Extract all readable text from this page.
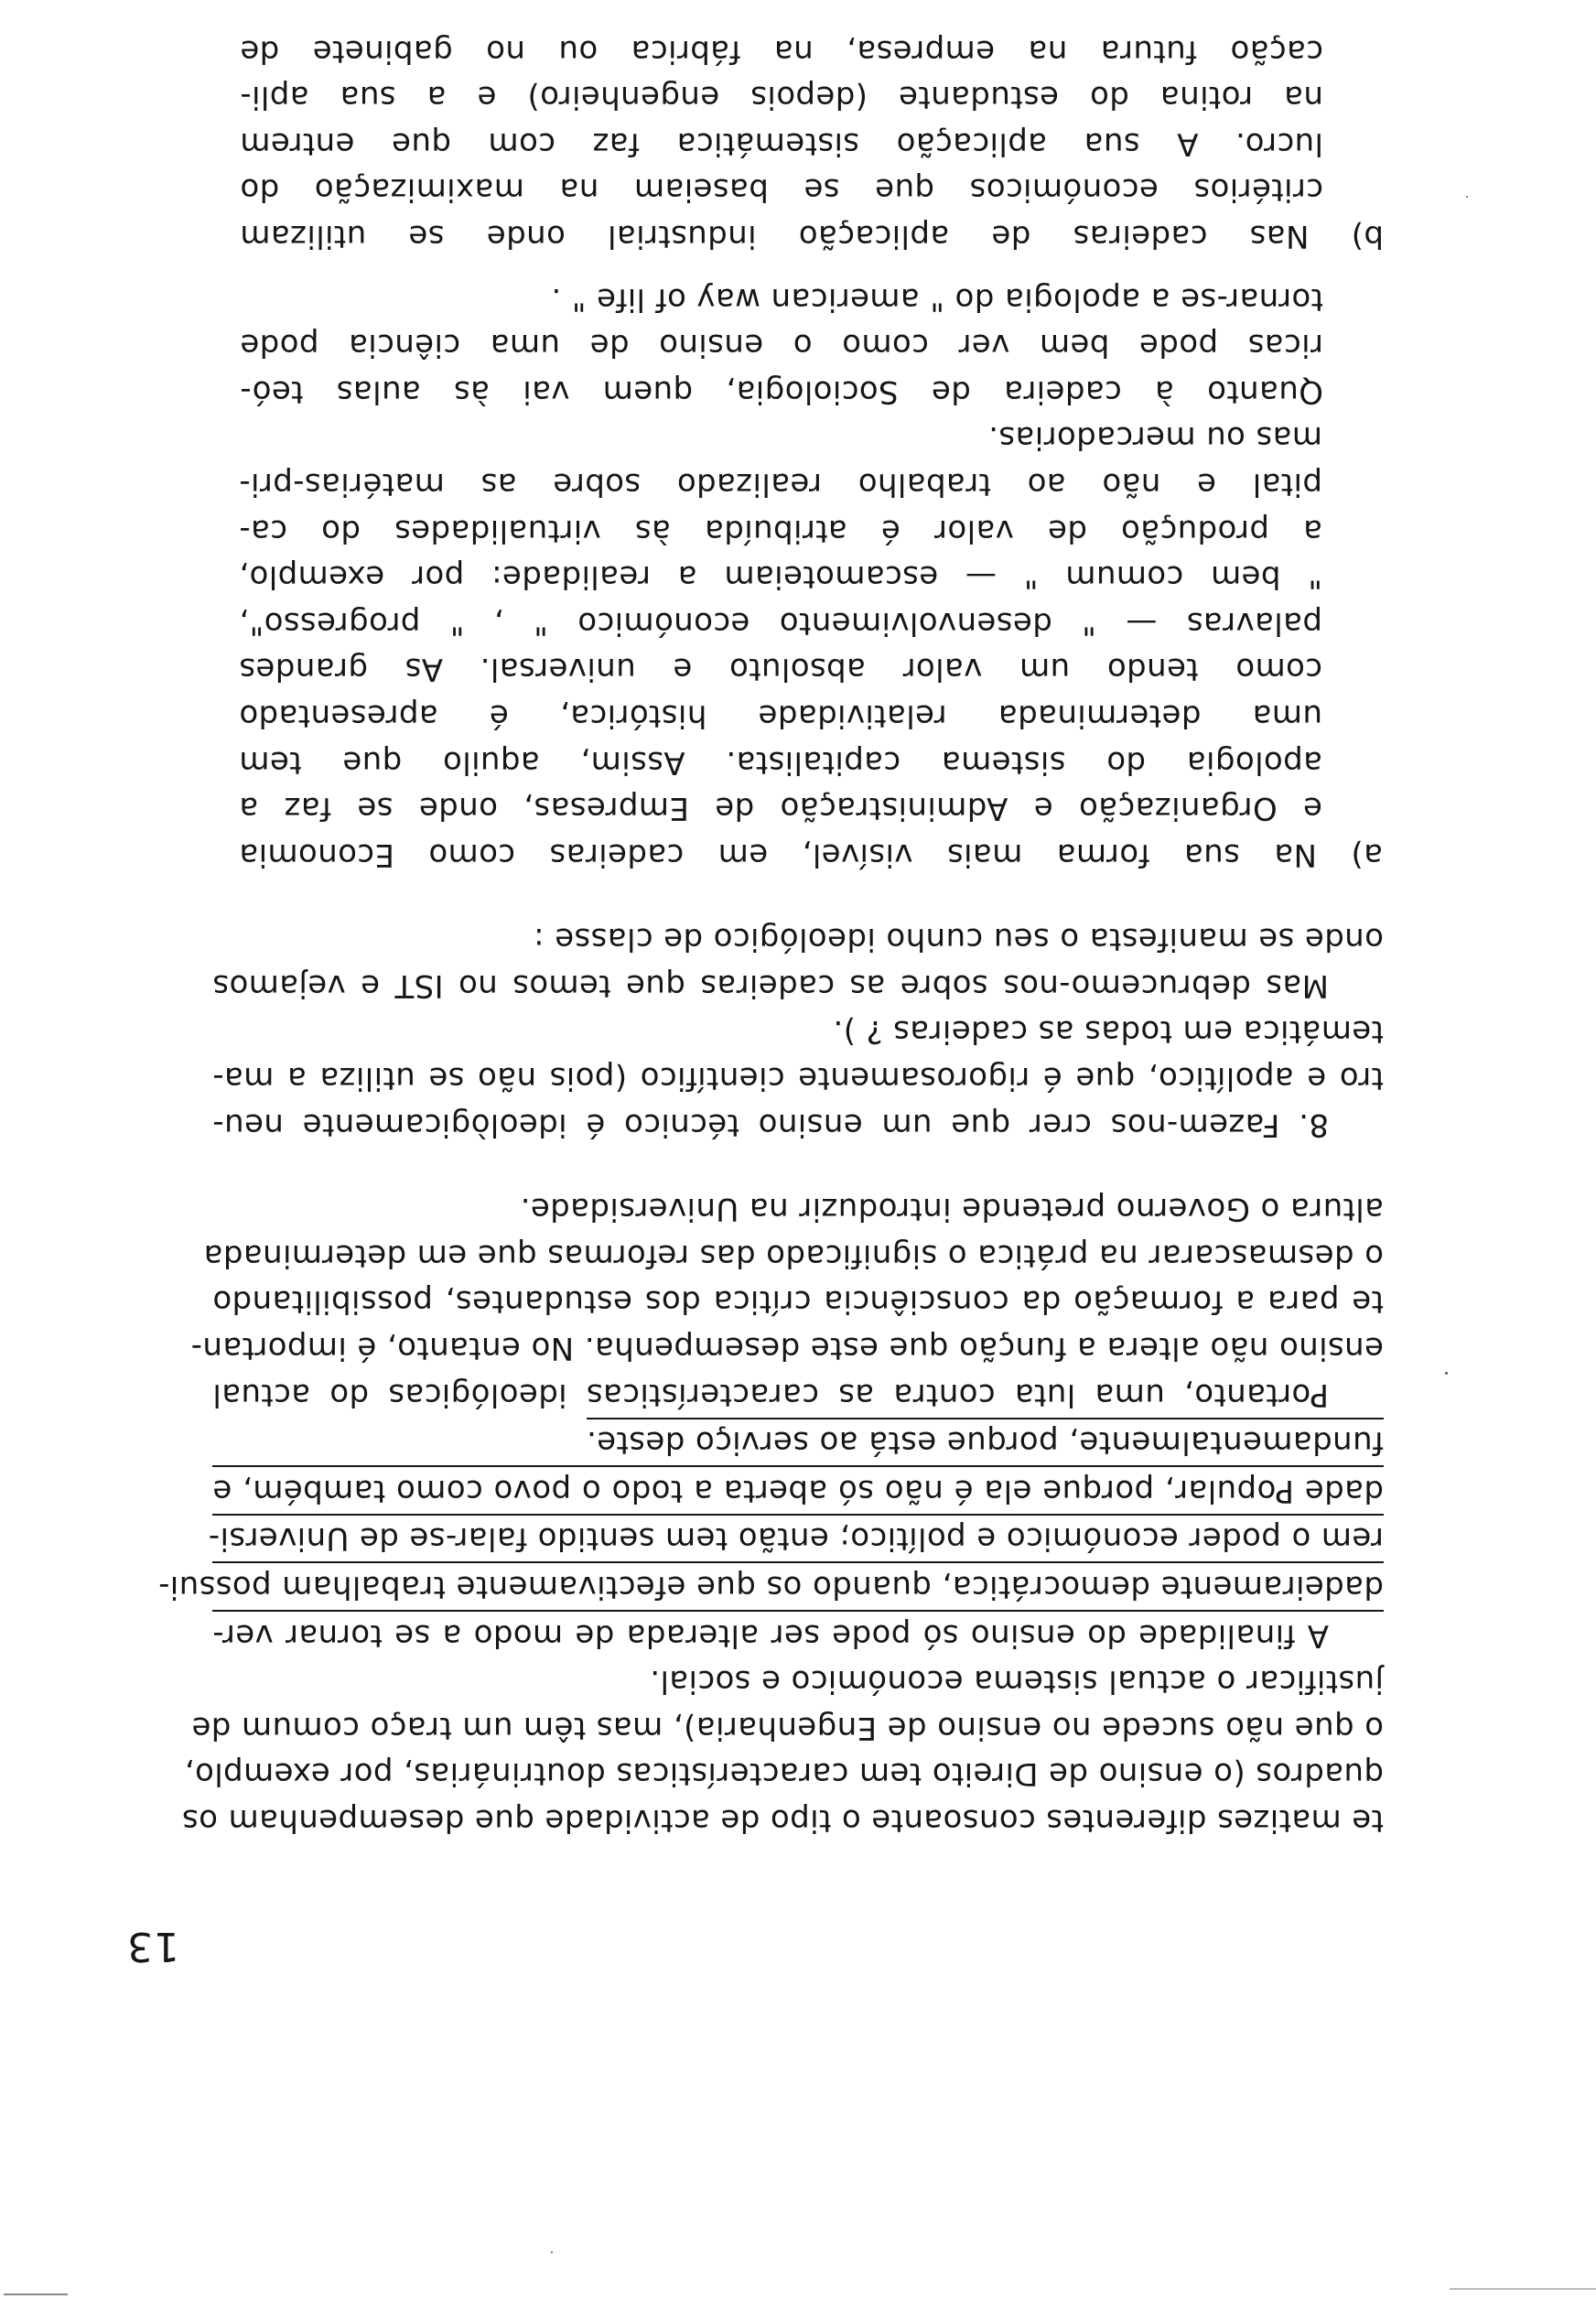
13
te matizes diferentes consoante o tipo de actividade que desempenham os
quadros (o ensino de Direito tem características doutrinárias, por exemplo,
o que não sucede no ensino de Engenharia), mas têm um traço comum de
justificar o actual sistema económico e social.
A finalidade do ensino só pode ser alterada de modo a se tornar ver-
dadeiramente democrática, quando os que efectivamente trabalham possui-
rem o poder económico e político; então tem sentido falar-se de Universi-
dade Popular, porque ela é não só aberta a todo o povo como também, e
fundamentalmente, porque está ao serviço deste.
Portanto, uma luta contra as características ideológicas do actual
ensino não altera a função que este desempenha. No entanto, é importan-
te para a formação da consciência crítica dos estudantes, possibilitando
o desmascarar na prática o significado das reformas que em determinada
altura o Governo pretende introduzir na Universidade.
8. Fazem-nos crer que um ensino técnico é ideològicamente neu-
tro e apolítico, que é rigorosamente científico (pois não se utiliza a ma-
temática em todas as cadeiras ? ).
Mas debrucemo-nos sobre as cadeiras que temos no IST e vejamos
onde se manifesta o seu cunho ideológico de classe :
a) Na sua forma mais visível, em cadeiras como Economia
e Organização e Administração de Empresas, onde se faz a
apologia do sistema capitalista. Assim, aquilo que tem
uma determinada relatividade histórica, é apresentado
como tendo um valor absoluto e universal. As grandes
palavras — " desenvolvimento económico " , " progresso",
" bem comum " — escamoteiam a realidade: por exemplo,
a produção de valor é atribuída às virtualidades do ca-
pital e não ao trabalho realizado sobre as matérias-pri-
mas ou mercadorias.
Quanto à cadeira de Sociologia, quem vai às aulas teó-
ricas pode bem ver como o ensino de uma ciência pode
tornar-se a apologia do " american way of life " .
b) Nas cadeiras de aplicação industrial onde se utilizam
critérios económicos que se baseiam na maximização do
lucro. A sua aplicação sistemática faz com que entrem
na rotina do estudante (depois engenheiro) e a sua apli-
cação futura na empresa, na fábrica ou no gabinete de
